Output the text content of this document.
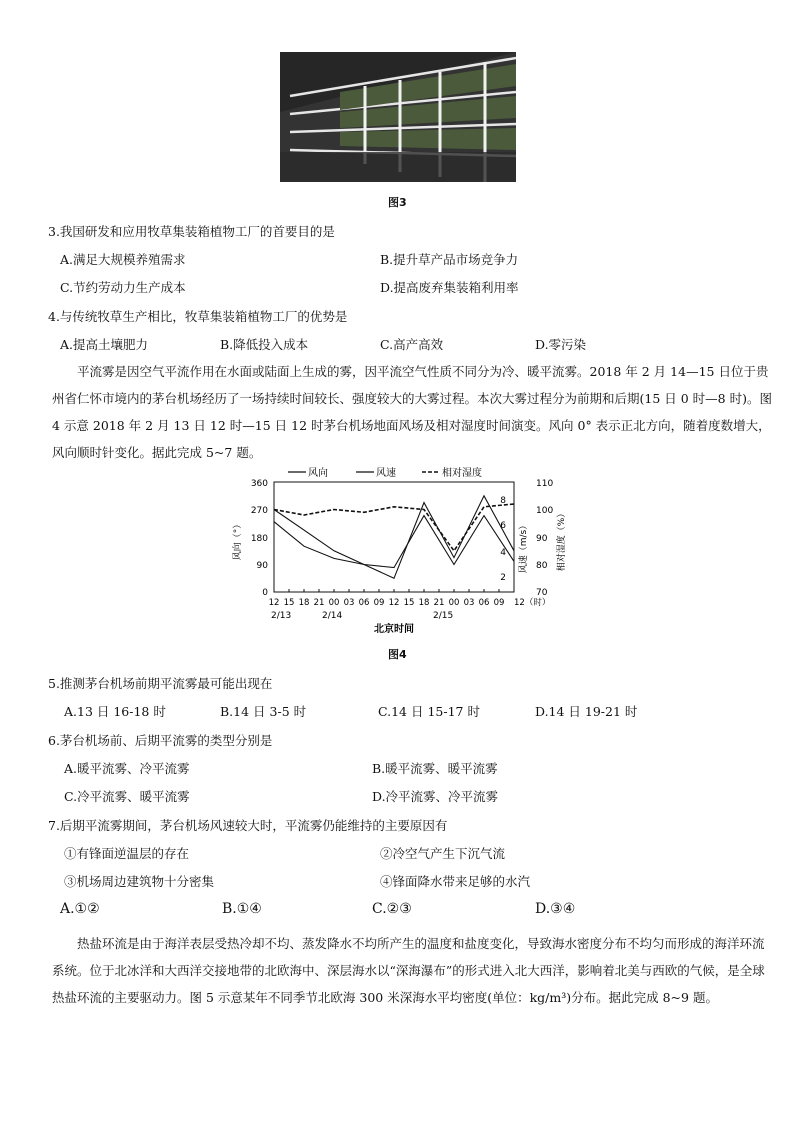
图3
3.我国研发和应用牧草集装箱植物工厂的首要目的是
A.满足大规模养殖需求	B.提升草产品市场竞争力
C.节约劳动力生产成本	D.提高废弃集装箱利用率
4.与传统牧草生产相比，牧草集装箱植物工厂的优势是
A.提高土壤肥力	B.降低投入成本	C.高产高效	D.零污染
平流雾是因空气平流作用在水面或陆面上生成的雾，因平流空气性质不同分为冷、暖平流雾。2018 年 2 月 14—15 日位于贵州省仁怀市境内的茅台机场经历了一场持续时间较长、强度较大的大雾过程。本次大雾过程分为前期和后期(15 日 0 时—8 时)。图 4 示意 2018 年 2 月 13 日 12 时—15 日 12 时茅台机场地面风场及相对湿度时间演变。风向 0° 表示正北方向，随着度数增大，风向顺时针变化。据此完成 5~7 题。
风向	风速	相对湿度
360
270
180
90
0
风向（°）
8
6
4
2
风速（m/s）
110
100
90
80
70
相对湿度（%）
12 15 18 21 00 03 06 09 12 15 18 21 00 03 06 09 12（时）
2/13	2/14	2/15
北京时间
图4
5.推测茅台机场前期平流雾最可能出现在
A.13 日 16-18 时	B.14 日 3-5 时	C.14 日 15-17 时	D.14 日 19-21 时
6.茅台机场前、后期平流雾的类型分别是
A.暖平流雾、冷平流雾	B.暖平流雾、暖平流雾
C.冷平流雾、暖平流雾	D.冷平流雾、冷平流雾
7.后期平流雾期间，茅台机场风速较大时，平流雾仍能维持的主要原因有
①有锋面逆温层的存在	②冷空气产生下沉气流
③机场周边建筑物十分密集	④锋面降水带来足够的水汽
A.①②	B.①④	C.②③	D.③④
热盐环流是由于海洋表层受热冷却不均、蒸发降水不均所产生的温度和盐度变化，导致海水密度分布不均匀而形成的海洋环流系统。位于北冰洋和大西洋交接地带的北欧海中、深层海水以“深海瀑布”的形式进入北大西洋，影响着北美与西欧的气候，是全球热盐环流的主要驱动力。图 5 示意某年不同季节北欧海 300 米深海水平均密度(单位：kg/m³)分布。据此完成 8~9 题。
